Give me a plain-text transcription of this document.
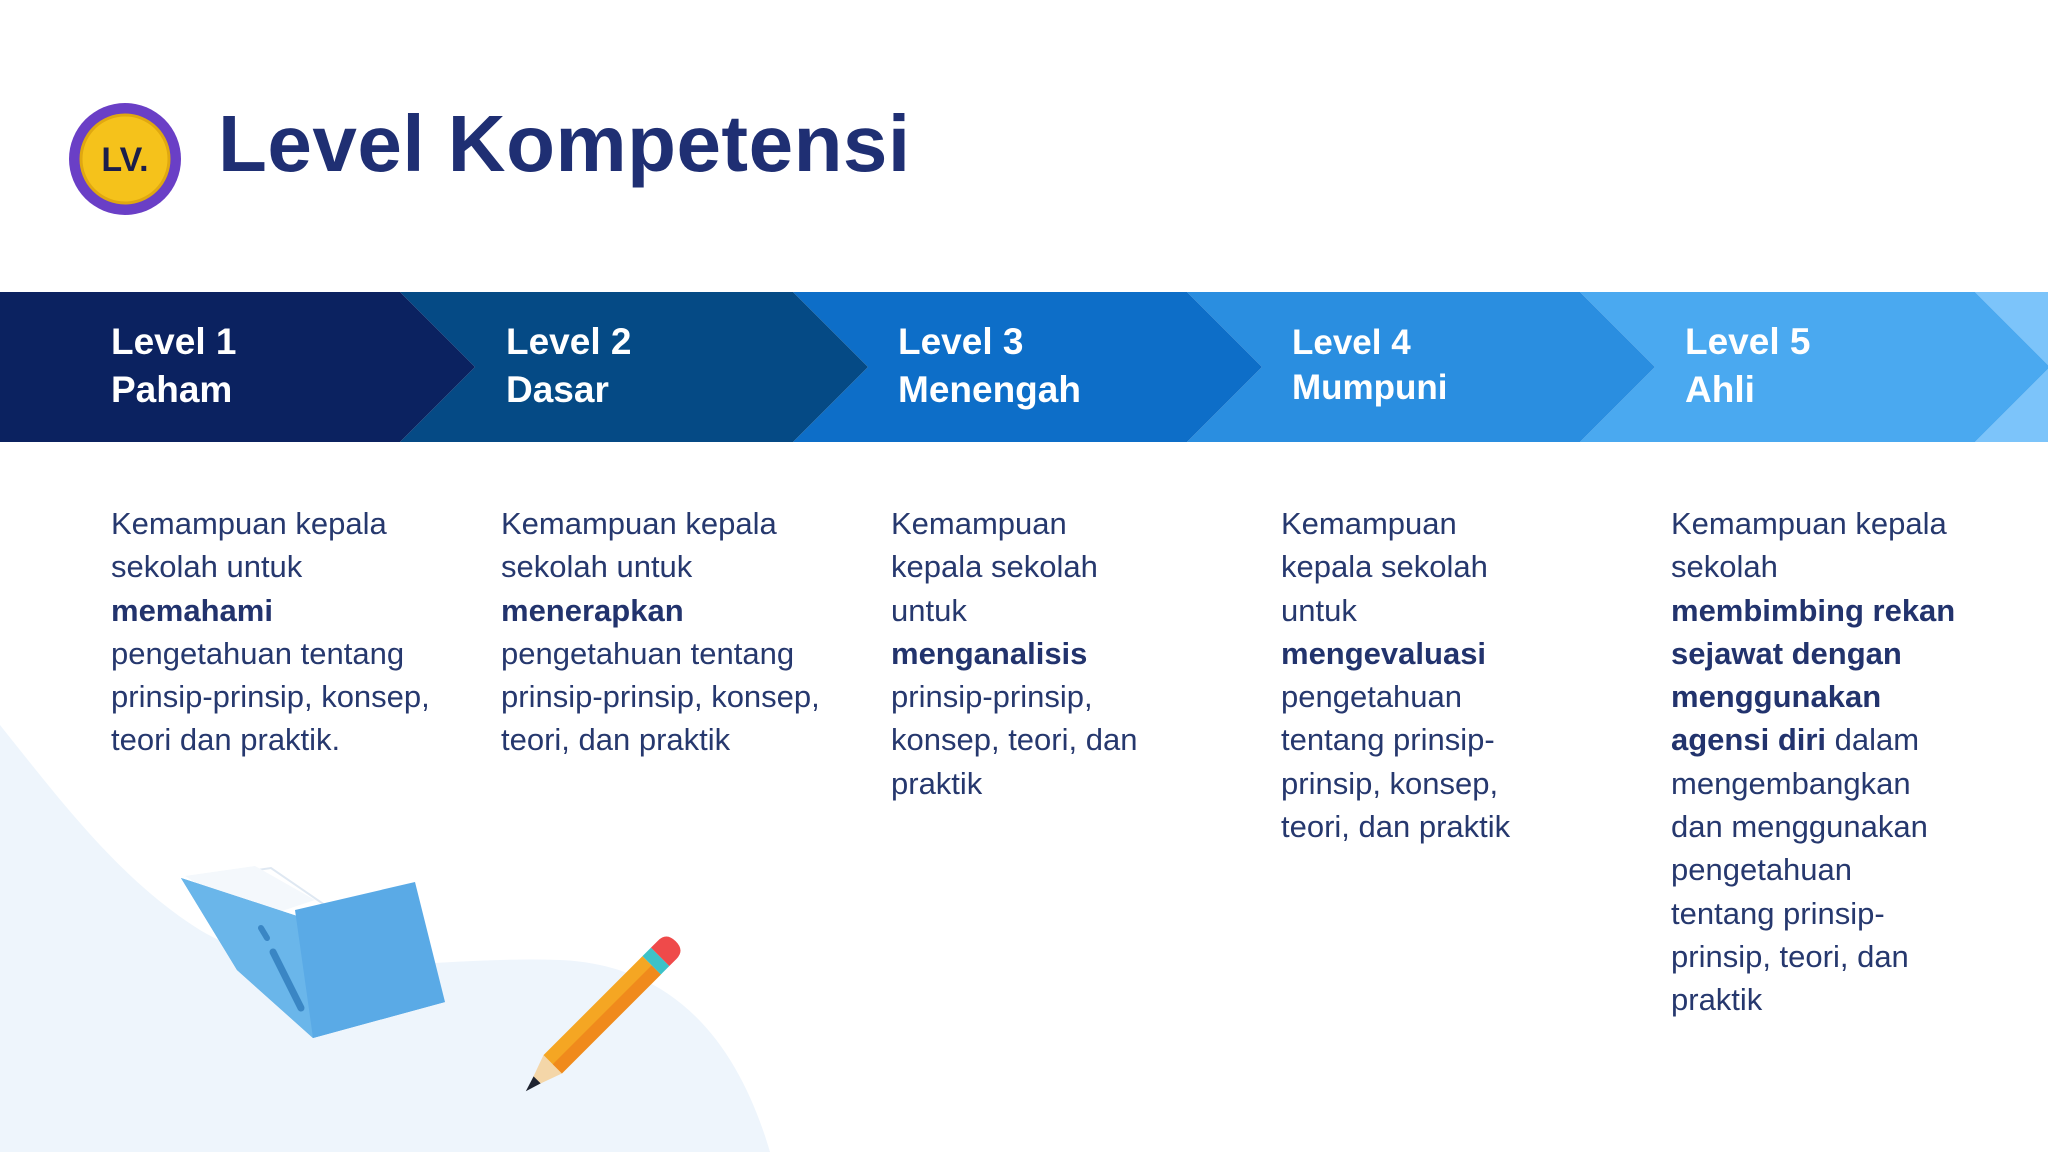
LV. Level Kompetensi
Level 1
Paham
Level 2
Dasar
Level 3
Menengah
Level 4
Mumpuni
Level 5
Ahli
Kemampuan kepala sekolah untuk memahami pengetahuan tentang prinsip-prinsip, konsep, teori dan praktik.
Kemampuan kepala sekolah untuk menerapkan pengetahuan tentang prinsip-prinsip, konsep, teori, dan praktik
Kemampuan kepala sekolah untuk menganalisis prinsip-prinsip, konsep, teori, dan praktik
Kemampuan kepala sekolah untuk mengevaluasi pengetahuan tentang prinsip-prinsip, konsep, teori, dan praktik
Kemampuan kepala sekolah membimbing rekan sejawat dengan menggunakan agensi diri dalam mengembangkan dan menggunakan pengetahuan tentang prinsip-prinsip, teori, dan praktik
